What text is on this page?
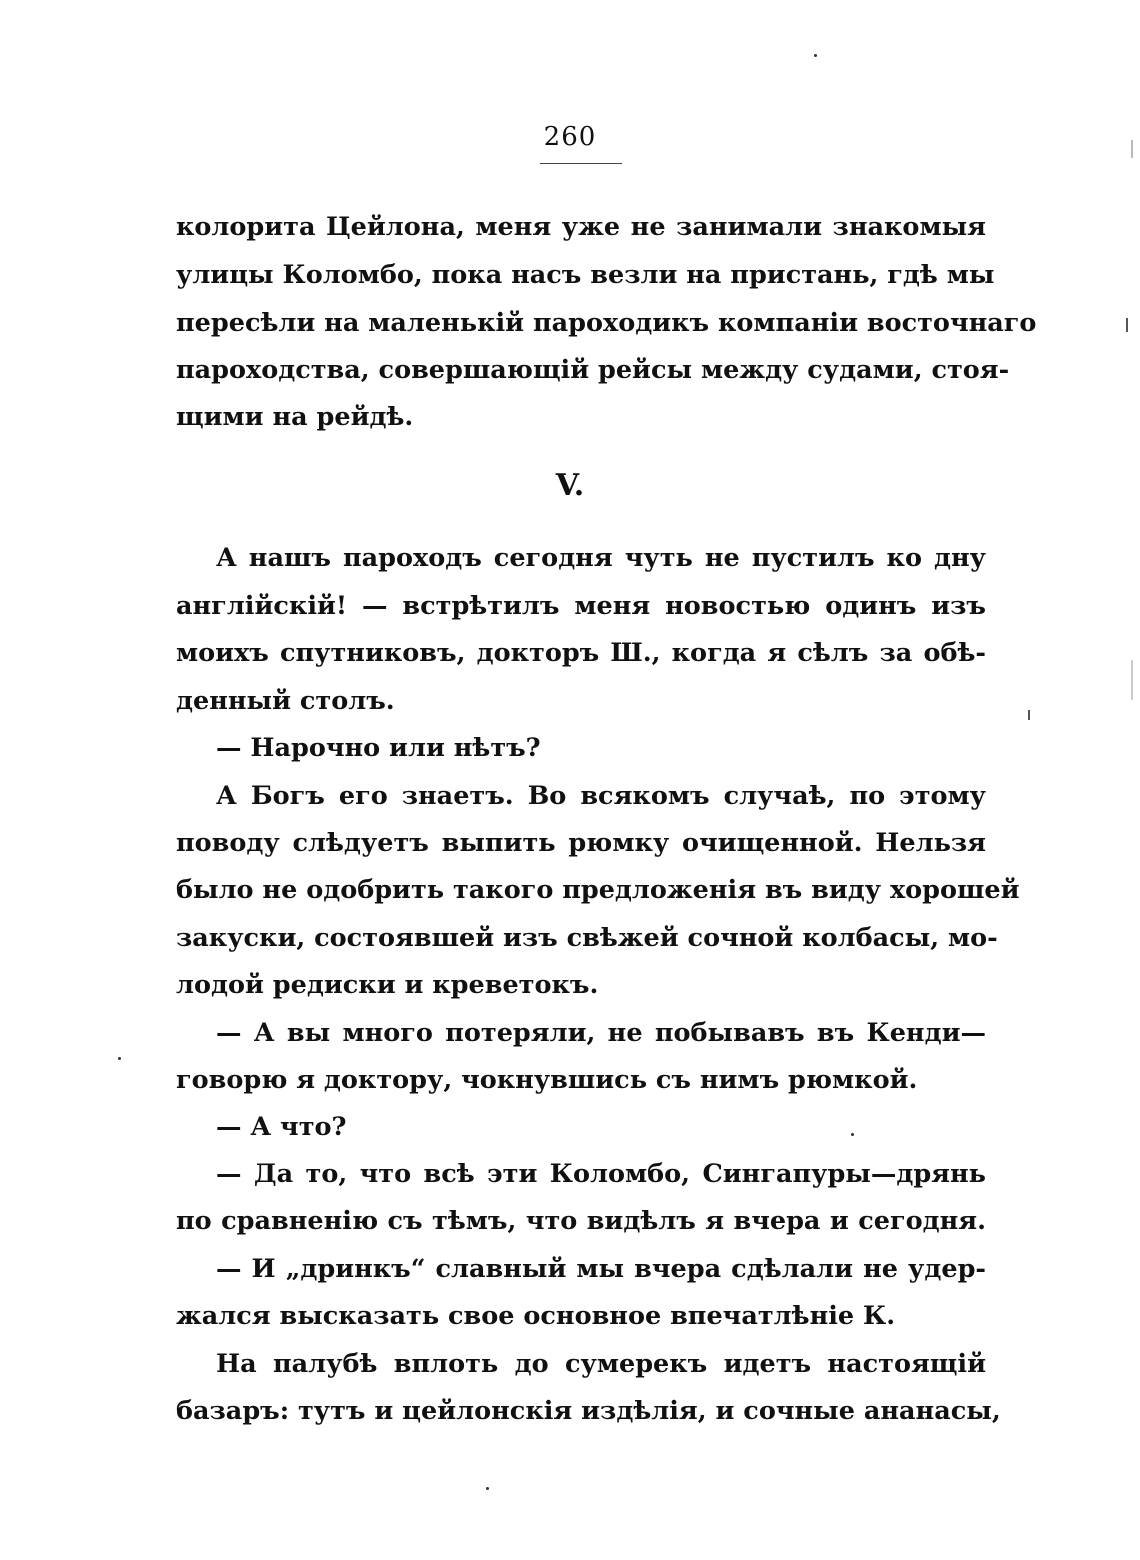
260
колорита Цейлона, меня уже не занимали знакомыя
улицы Коломбо, пока насъ везли на пристань, гдѣ мы
пересѣли на маленькій пароходикъ компаніи восточнаго
пароходства, совершающій рейсы между судами, стоя-
щими на рейдѣ.
V.
А нашъ пароходъ сегодня чуть не пустилъ ко дну
англійскій! — встрѣтилъ меня новостью одинъ изъ
моихъ спутниковъ, докторъ Ш., когда я сѣлъ за обѣ-
денный столъ.
— Нарочно или нѣтъ?
А Богъ его знаетъ. Во всякомъ случаѣ, по этому
поводу слѣдуетъ выпить рюмку очищенной. Нельзя
было не одобрить такого предложенія въ виду хорошей
закуски, состоявшей изъ свѣжей сочной колбасы, мо-
лодой редиски и креветокъ.
— А вы много потеряли, не побывавъ въ Кенди—
говорю я доктору, чокнувшись съ нимъ рюмкой.
— А что?
— Да то, что всѣ эти Коломбо, Сингапуры—дрянь
по сравненію съ тѣмъ, что видѣлъ я вчера и сегодня.
— И „дринкъ“ славный мы вчера сдѣлали не удер-
жался высказать свое основное впечатлѣніе К.
На палубѣ вплоть до сумерекъ идетъ настоящій
базаръ: тутъ и цейлонскія издѣлія, и сочные ананасы,
